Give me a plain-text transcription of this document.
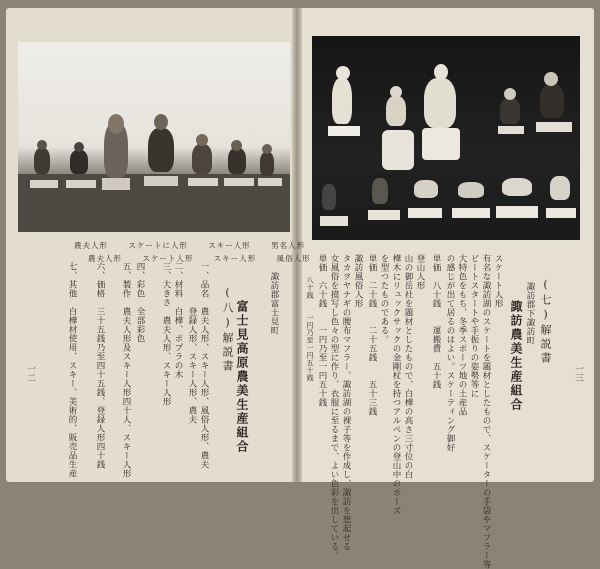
農夫人形　　	スケートに人形　　	スキー人形　　	男名人形
農夫人形　　	スケート人形　　	スキー人形　　	風俗人形
諏訪郡富士見町
富士見高原農美生産組合
(八)解説書
一、品名　農夫人形、スキー人形、風俗人形、農夫
　　　　　登録人形、スキー人形、農夫
二、材料　白樺、ポプラの木
三、大きさ　農夫人形、スキー人形
四、彩色　全部彩色
五、製作　農夫人形及スキー人形四十人、スキー人形
六、価格　三十五銭乃至四十五銭、登録人形四十銭
七、其他　白樺材使用、スキー、美術的、販売品生産
一二
(七)解説書
諏訪郡下諏訪町
諏訪農美生産組合
スケート人形
有名な諏訪湖のスケートを題材としたもので、スケーターの手袋やマフラー等
ビートスタートや手振りの姿勢等に
大特色をもち、冬季スポーツ地の土産品
の感じが出て居るのはよい。スケーティング御好
単価　八十銭　　運搬費　五十銭
登山人形
山の御岳社を題材としたもので、白樺の高さ三寸位の白
樺木にリュックサックの金剛杖を持つアルペンの登山中のポーズ
を型つたものである。
単価　二十銭　　二十五銭　　五十三銭
諏訪風俗人形
タカヲヤナギの腰布マフラー、諏訪湖の裸子等を作成し、諏訪を想起せる
女風俗を摸写し色々の型に作り、衣服に至るまで、よい色彩を出している。
単価　六十銭　　一円乃至一円五十銭
　　　八十銭　　一円乃至一円五十銭	一三
